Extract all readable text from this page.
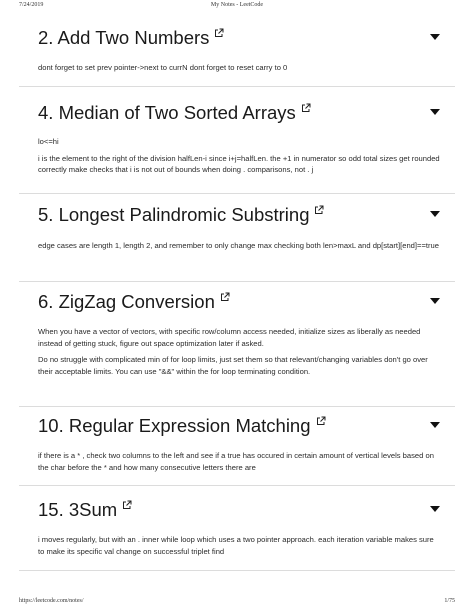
7/24/2019	My Notes - LeetCode
2. Add Two Numbers

dont forget to set prev pointer->next to currN dont forget to reset carry to 0

4. Median of Two Sorted Arrays

lo<=hi

i is the element to the right of the division halfLen-i since i+j=halfLen. the +1 in numerator so odd total sizes get rounded correctly make checks that i is not out of bounds when doing . comparisons, not . j

5. Longest Palindromic Substring

edge cases are length 1, length 2, and remember to only change max checking both len>maxL and dp[start][end]==true

6. ZigZag Conversion

When you have a vector of vectors, with specific row/column access needed, initialize sizes as liberally as needed instead of getting stuck, figure out space optimization later if asked.

Do no struggle with complicated min of for loop limits, just set them so that relevant/changing variables don't go over their acceptable limits. You can use "&&" within the for loop terminating condition.

10. Regular Expression Matching

if there is a * , check two columns to the left and see if a true has occured in certain amount of vertical levels based on the char before the * and how many consecutive letters there are

15. 3Sum

i moves regularly, but with an . inner while loop which uses a two pointer approach. each iteration variable makes sure to make its specific val change on successful triplet find

https://leetcode.com/notes/	1/75
